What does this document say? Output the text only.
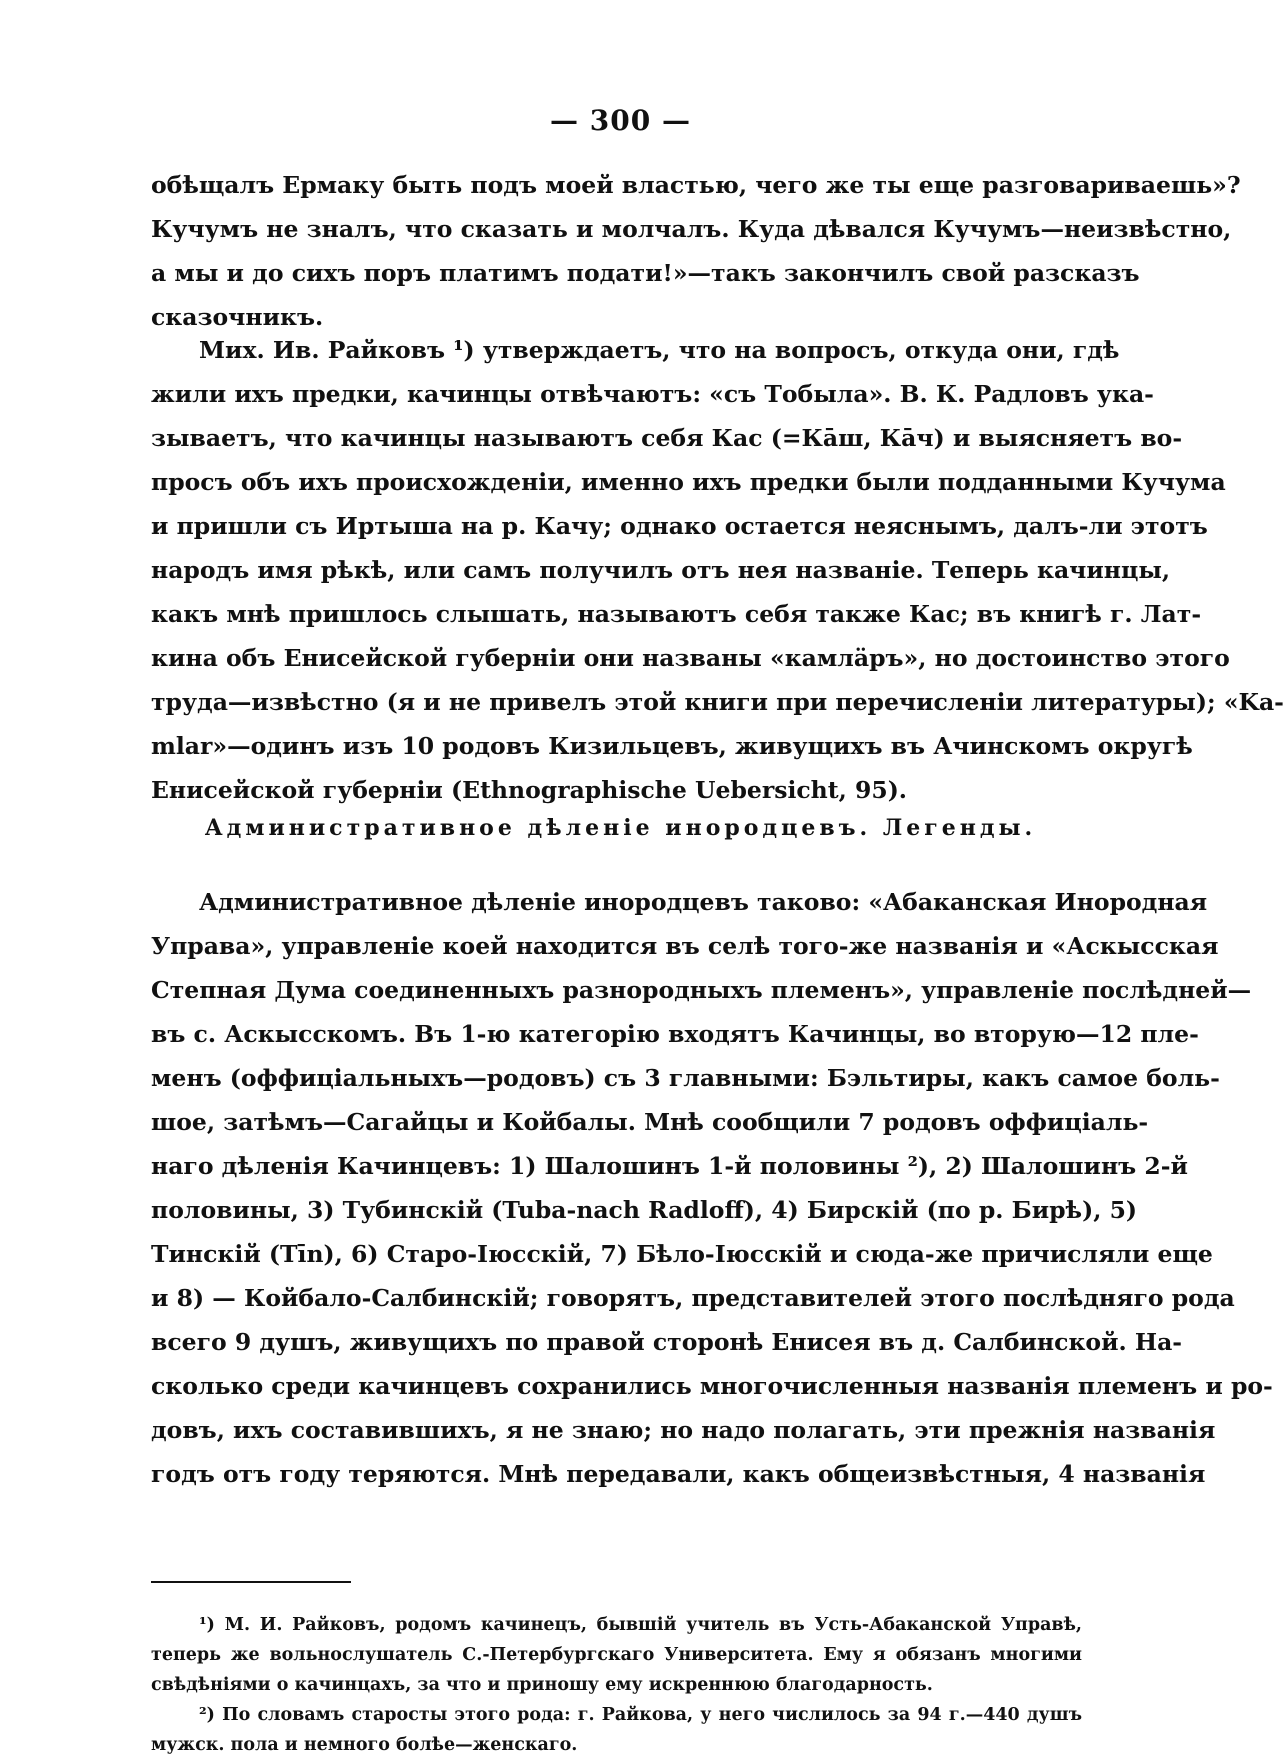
— 300 —
обѣщалъ Ермаку быть подъ моей властью, чего же ты еще разговариваешь»?
Кучумъ не зналъ, что сказать и молчалъ. Куда дѣвался Кучумъ—неизвѣстно,
а мы и до сихъ поръ платимъ подати!»—такъ закончилъ свой разсказъ
сказочникъ.
Мих. Ив. Райковъ ¹) утверждаетъ, что на вопросъ, откуда они, гдѣ
жили ихъ предки, качинцы отвѣчаютъ: «съ Тобыла». В. К. Радловъ ука-
зываетъ, что качинцы называютъ себя Кас (=Кāш, Кāч) и выясняетъ во-
просъ объ ихъ происхожденіи, именно ихъ предки были подданными Кучума
и пришли съ Иртыша на р. Качу; однако остается неяснымъ, далъ-ли этотъ
народъ имя рѣкѣ, или самъ получилъ отъ нея названіе. Теперь качинцы,
какъ мнѣ пришлось слышать, называютъ себя также Кас; въ книгѣ г. Лат-
кина объ Енисейской губерніи они названы «камлäръ», но достоинство этого
труда—извѣстно (я и не привелъ этой книги при перечисленіи литературы); «Ka-
mlar»—одинъ изъ 10 родовъ Кизильцевъ, живущихъ въ Ачинскомъ округѣ
Енисейской губерніи (Ethnographische Uebersicht, 95).
Административное дѣленіе инородцевъ. Легенды.
Административное дѣленіе инородцевъ таково: «Абаканская Инородная
Управа», управленіе коей находится въ селѣ того-же названія и «Аскысская
Степная Дума соединенныхъ разнородныхъ племенъ», управленіе послѣдней—
въ с. Аскысскомъ. Въ 1-ю категорію входятъ Качинцы, во вторую—12 пле-
менъ (оффиціальныхъ—родовъ) съ 3 главными: Бэльтиры, какъ самое боль-
шое, затѣмъ—Сагайцы и Койбалы. Мнѣ сообщили 7 родовъ оффиціаль-
наго дѣленія Качинцевъ: 1) Шалошинъ 1-й половины ²), 2) Шалошинъ 2-й
половины, 3) Тубинскій (Tuba-nach Radloff), 4) Бирскій (по р. Бирѣ), 5)
Тинскій (Tīn), 6) Старо-Іюсскій, 7) Бѣло-Іюсскій и сюда-же причисляли еще
и 8) — Койбало-Салбинскій; говорятъ, представителей этого послѣдняго рода
всего 9 душъ, живущихъ по правой сторонѣ Енисея въ д. Салбинской. На-
сколько среди качинцевъ сохранились многочисленныя названія племенъ и ро-
довъ, ихъ составившихъ, я не знаю; но надо полагать, эти прежнія названія
годъ отъ году теряются. Мнѣ передавали, какъ общеизвѣстныя, 4 названія
¹) М. И. Райковъ, родомъ качинецъ, бывшій учитель въ Усть-Абаканской Управѣ,
теперь же вольнослушатель С.-Петербургскаго Университета. Ему я обязанъ многими
свѣдѣніями о качинцахъ, за что и приношу ему искреннюю благодарность.
²) По словамъ старосты этого рода: г. Райкова, у него числилось за 94 г.—440 душъ
мужск. пола и немного болѣе—женскаго.
